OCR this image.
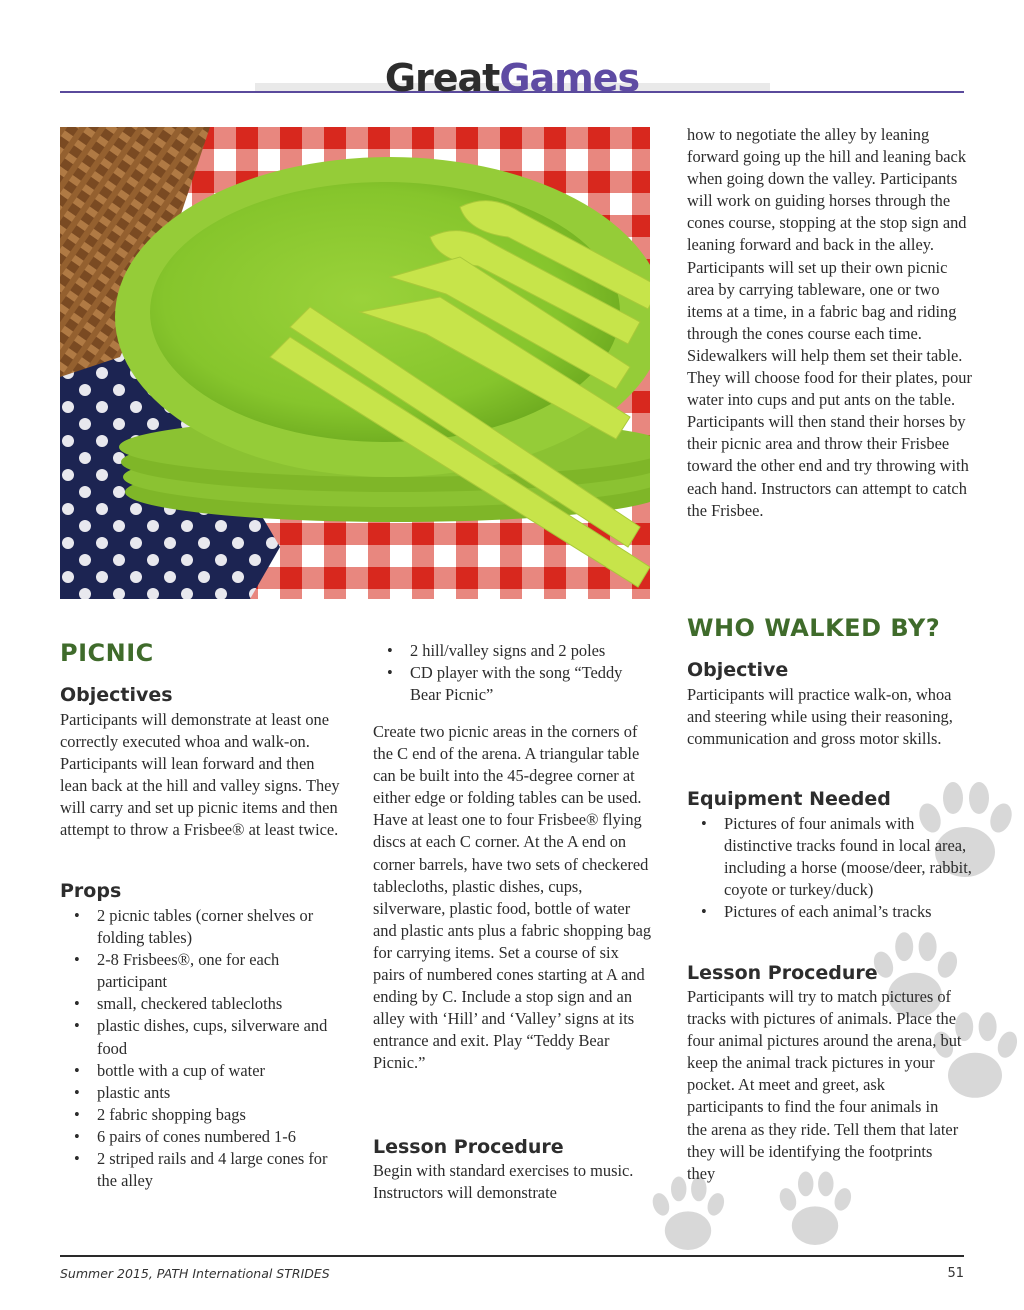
GreatGames
how to negotiate the alley by leaning forward going up the hill and leaning back when going down the valley. Participants will work on guiding horses through the cones course, stopping at the stop sign and leaning forward and back in the alley. Participants will set up their own picnic area by carrying tableware, one or two items at a time, in a fabric bag and riding through the cones course each time. Sidewalkers will help them set their table. They will choose food for their plates, pour water into cups and put ants on the table. Participants will then stand their horses by their picnic area and throw their Frisbee toward the other end and try throwing with each hand. Instructors can attempt to catch the Frisbee.
PICNIC
Objectives
Participants will demonstrate at least one correctly executed whoa and walk-on. Participants will lean forward and then lean back at the hill and valley signs. They will carry and set up picnic items and then attempt to throw a Frisbee® at least twice.
Props
• 2 picnic tables (corner shelves or folding tables)
• 2-8 Frisbees®, one for each participant
• small, checkered tablecloths
• plastic dishes, cups, silverware and food
• bottle with a cup of water
• plastic ants
• 2 fabric shopping bags
• 6 pairs of cones numbered 1-6
• 2 striped rails and 4 large cones for the alley
• 2 hill/valley signs and 2 poles
• CD player with the song “Teddy Bear Picnic”
Create two picnic areas in the corners of the C end of the arena. A triangular table can be built into the 45-degree corner at either edge or folding tables can be used. Have at least one to four Frisbee® flying discs at each C corner. At the A end on corner barrels, have two sets of checkered tablecloths, plastic dishes, cups, silverware, plastic food, bottle of water and plastic ants plus a fabric shopping bag for carrying items. Set a course of six pairs of numbered cones starting at A and ending by C. Include a stop sign and an alley with ‘Hill’ and ‘Valley’ signs at its entrance and exit. Play “Teddy Bear Picnic.”
Lesson Procedure
Begin with standard exercises to music. Instructors will demonstrate
WHO WALKED BY?
Objective
Participants will practice walk-on, whoa and steering while using their reasoning, communication and gross motor skills.
Equipment Needed
• Pictures of four animals with distinctive tracks found in local area, including a horse (moose/deer, rabbit, coyote or turkey/duck)
• Pictures of each animal’s tracks
Lesson Procedure
Participants will try to match pictures of tracks with pictures of animals. Place the four animal pictures around the arena, but keep the animal track pictures in your pocket. At meet and greet, ask participants to find the four animals in the arena as they ride. Tell them that later they will be identifying the footprints they
Summer 2015, PATH International STRIDES	51
